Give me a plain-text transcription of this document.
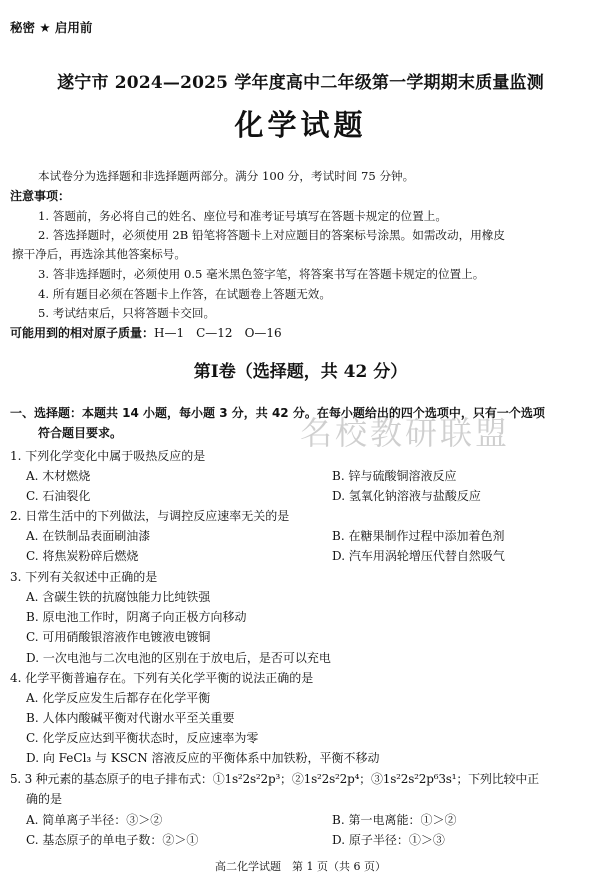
秘密 ★ 启用前
遂宁市 2024—2025 学年度高中二年级第一学期期末质量监测
化学试题
本试卷分为选择题和非选择题两部分。满分 100 分，考试时间 75 分钟。
注意事项：
1. 答题前，务必将自己的姓名、座位号和准考证号填写在答题卡规定的位置上。
2. 答选择题时，必须使用 2B 铅笔将答题卡上对应题目的答案标号涂黑。如需改动，用橡皮
擦干净后，再选涂其他答案标号。
3. 答非选择题时，必须使用 0.5 毫米黑色签字笔，将答案书写在答题卡规定的位置上。
4. 所有题目必须在答题卡上作答，在试题卷上答题无效。
5. 考试结束后，只将答题卡交回。
可能用到的相对原子质量：H—1　C—12　O—16
第Ⅰ卷（选择题，共 42 分）
名校教研联盟
一、选择题：本题共 14 小题，每小题 3 分，共 42 分。在每小题给出的四个选项中，只有一个选项
符合题目要求。
1. 下列化学变化中属于吸热反应的是
A. 木材燃烧	B. 锌与硫酸铜溶液反应
C. 石油裂化	D. 氢氧化钠溶液与盐酸反应
2. 日常生活中的下列做法，与调控反应速率无关的是
A. 在铁制品表面刷油漆	B. 在糖果制作过程中添加着色剂
C. 将焦炭粉碎后燃烧	D. 汽车用涡轮增压代替自然吸气
3. 下列有关叙述中正确的是
A. 含碳生铁的抗腐蚀能力比纯铁强
B. 原电池工作时，阴离子向正极方向移动
C. 可用硝酸银溶液作电镀液电镀铜
D. 一次电池与二次电池的区别在于放电后，是否可以充电
4. 化学平衡普遍存在。下列有关化学平衡的说法正确的是
A. 化学反应发生后都存在化学平衡
B. 人体内酸碱平衡对代谢水平至关重要
C. 化学反应达到平衡状态时，反应速率为零
D. 向 FeCl₃ 与 KSCN 溶液反应的平衡体系中加铁粉，平衡不移动
5. 3 种元素的基态原子的电子排布式：①1s²2s²2p³；②1s²2s²2p⁴；③1s²2s²2p⁶3s¹；下列比较中正
确的是
A. 简单离子半径：③＞②	B. 第一电离能：①＞②
C. 基态原子的单电子数：②＞①	D. 原子半径：①＞③
高二化学试题　第 1 页（共 6 页）
